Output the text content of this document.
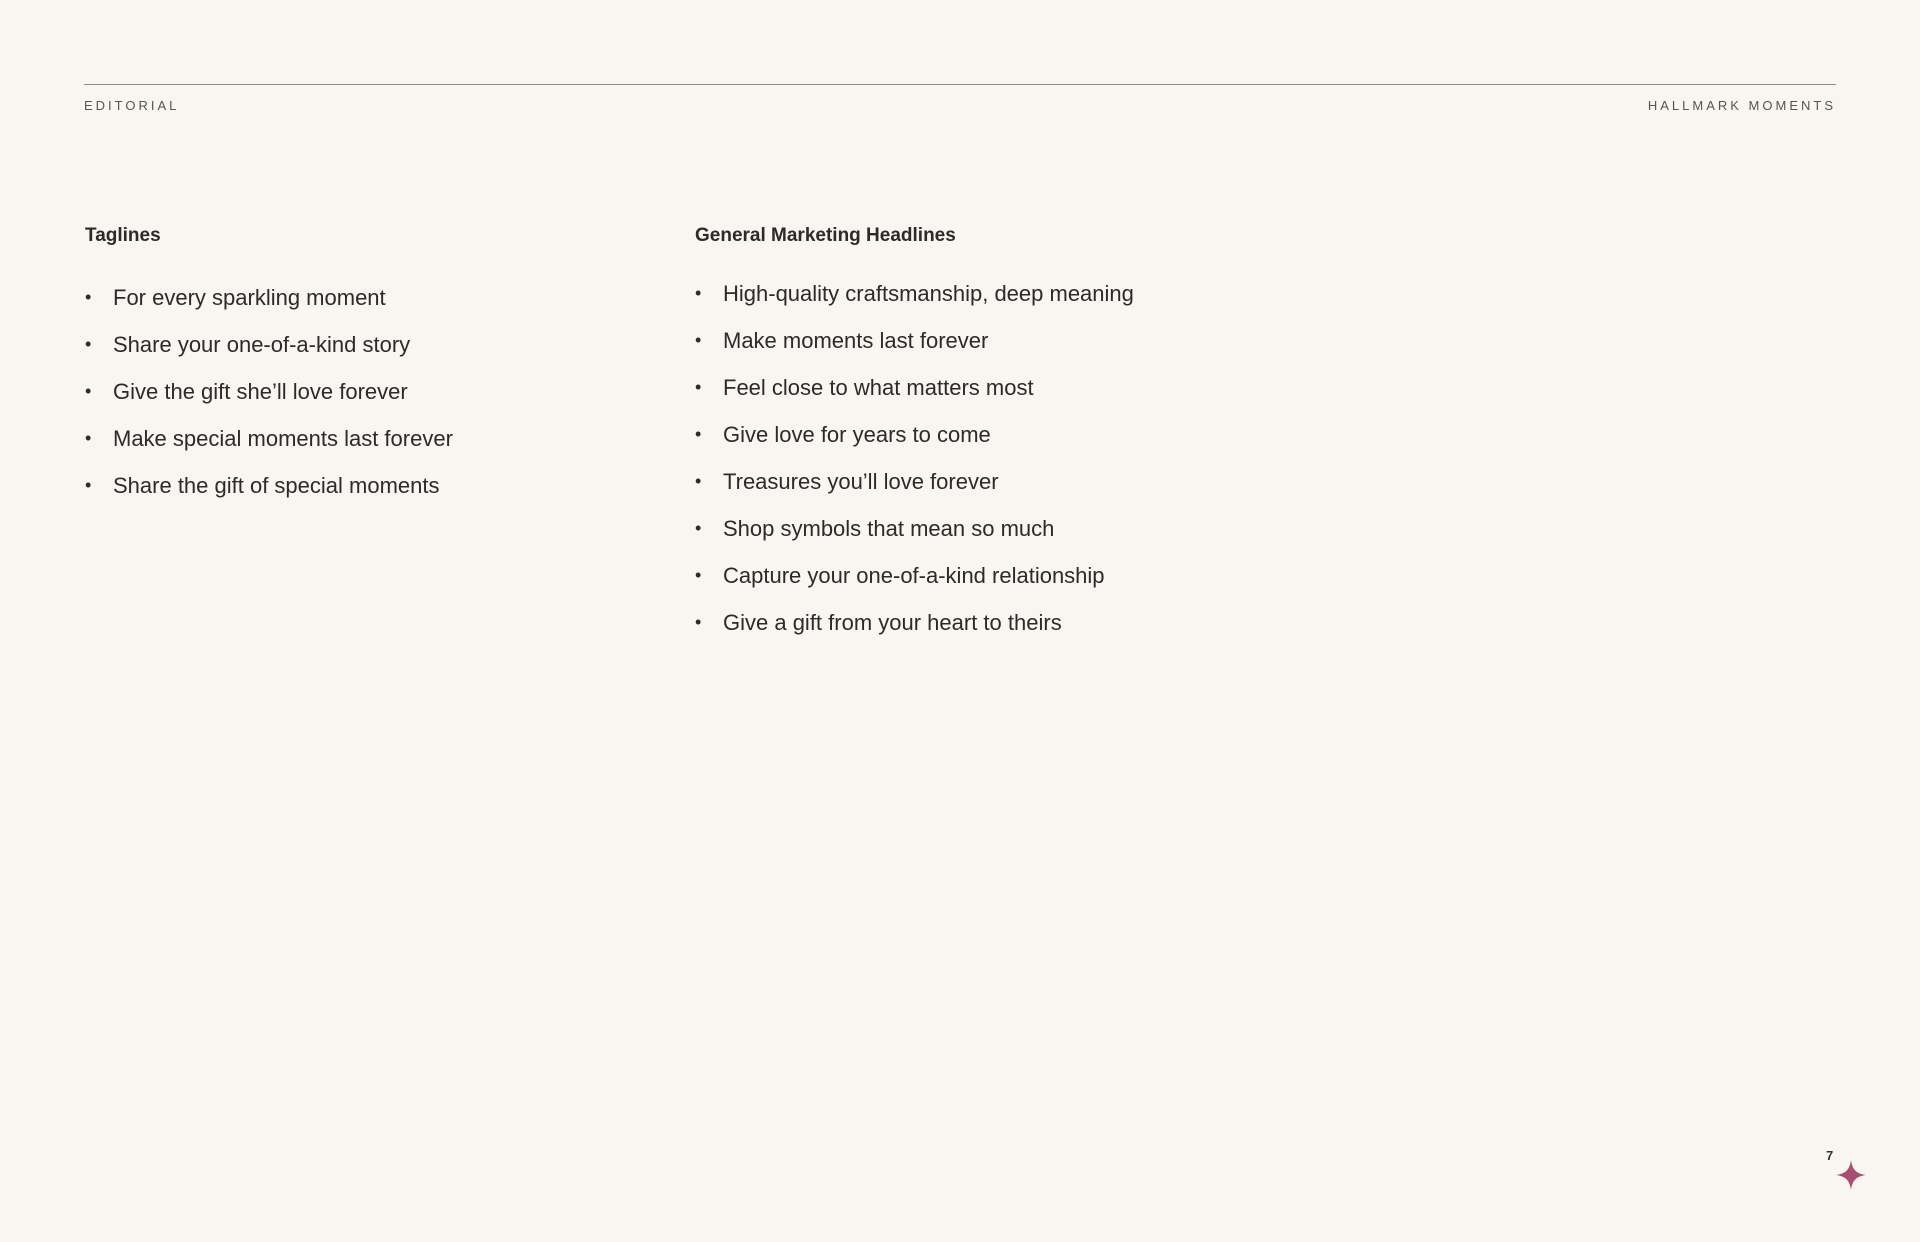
EDITORIAL	HALLMARK MOMENTS
Taglines
• For every sparkling moment
• Share your one-of-a-kind story
• Give the gift she’ll love forever
• Make special moments last forever
• Share the gift of special moments
General Marketing Headlines
• High-quality craftsmanship, deep meaning
• Make moments last forever
• Feel close to what matters most
• Give love for years to come
• Treasures you’ll love forever
• Shop symbols that mean so much
• Capture your one-of-a-kind relationship
• Give a gift from your heart to theirs
7
